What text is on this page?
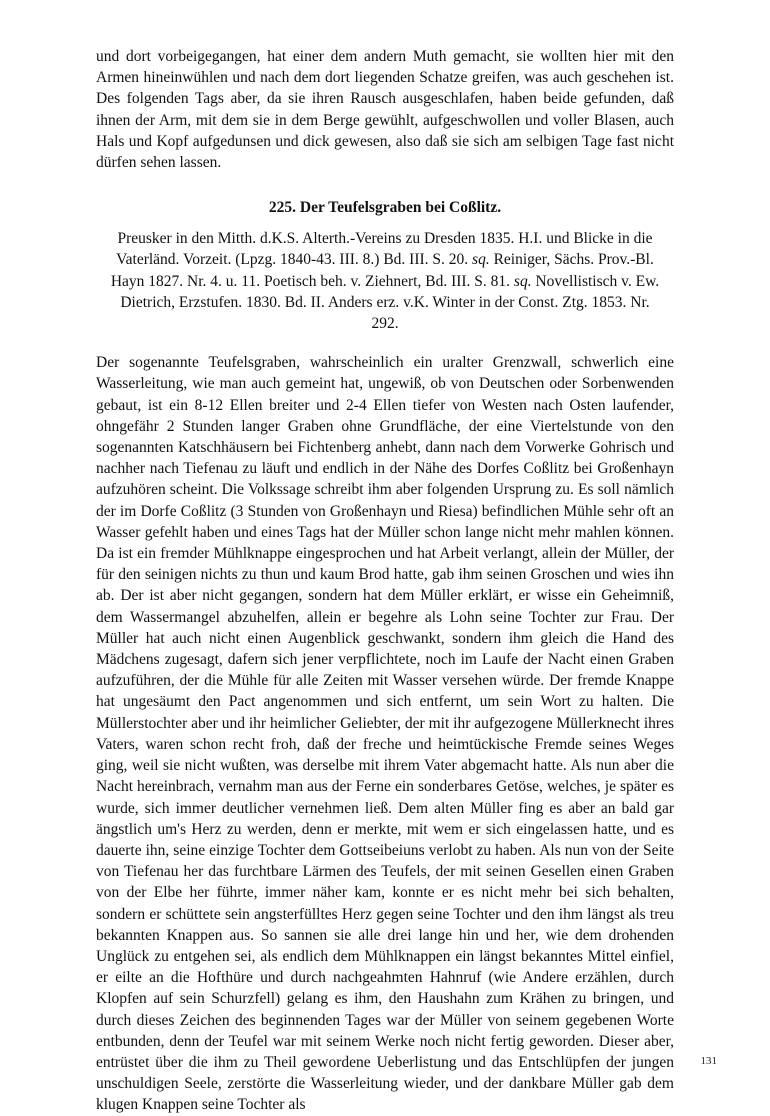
und dort vorbeigegangen, hat einer dem andern Muth gemacht, sie wollten hier mit den Armen hineinwühlen und nach dem dort liegenden Schatze greifen, was auch geschehen ist. Des folgenden Tags aber, da sie ihren Rausch ausgeschlafen, haben beide gefunden, daß ihnen der Arm, mit dem sie in dem Berge gewühlt, aufgeschwollen und voller Blasen, auch Hals und Kopf aufgedunsen und dick gewesen, also daß sie sich am selbigen Tage fast nicht dürfen sehen lassen.

225. Der Teufelsgraben bei Coßlitz.

Preusker in den Mitth. d.K.S. Alterth.-Vereins zu Dresden 1835. H.I. und Blicke in die Vaterländ. Vorzeit. (Lpzg. 1840-43. III. 8.) Bd. III. S. 20. sq. Reiniger, Sächs. Prov.-Bl. Hayn 1827. Nr. 4. u. 11. Poetisch beh. v. Ziehnert, Bd. III. S. 81. sq. Novellistisch v. Ew. Dietrich, Erzstufen. 1830. Bd. II. Anders erz. v.K. Winter in der Const. Ztg. 1853. Nr. 292.

Der sogenannte Teufelsgraben, wahrscheinlich ein uralter Grenzwall, schwerlich eine Wasserleitung, wie man auch gemeint hat, ungewiß, ob von Deutschen oder Sorbenwenden gebaut, ist ein 8-12 Ellen breiter und 2-4 Ellen tiefer von Westen nach Osten laufender, ohngefähr 2 Stunden langer Graben ohne Grundfläche, der eine Viertelstunde von den sogenannten Katschhäusern bei Fichtenberg anhebt, dann nach dem Vorwerke Gohrisch und nachher nach Tiefenau zu läuft und endlich in der Nähe des Dorfes Coßlitz bei Großenhayn aufzuhören scheint. Die Volkssage schreibt ihm aber folgenden Ursprung zu. Es soll nämlich der im Dorfe Coßlitz (3 Stunden von Großenhayn und Riesa) befindlichen Mühle sehr oft an Wasser gefehlt haben und eines Tags hat der Müller schon lange nicht mehr mahlen können. Da ist ein fremder Mühlknappe eingesprochen und hat Arbeit verlangt, allein der Müller, der für den seinigen nichts zu thun und kaum Brod hatte, gab ihm seinen Groschen und wies ihn ab. Der ist aber nicht gegangen, sondern hat dem Müller erklärt, er wisse ein Geheimniß, dem Wassermangel abzuhelfen, allein er begehre als Lohn seine Tochter zur Frau. Der Müller hat auch nicht einen Augenblick geschwankt, sondern ihm gleich die Hand des Mädchens zugesagt, dafern sich jener verpflichtete, noch im Laufe der Nacht einen Graben aufzuführen, der die Mühle für alle Zeiten mit Wasser versehen würde. Der fremde Knappe hat ungesäumt den Pact angenommen und sich entfernt, um sein Wort zu halten. Die Müllerstochter aber und ihr heimlicher Geliebter, der mit ihr aufgezogene Müllerknecht ihres Vaters, waren schon recht froh, daß der freche und heimtückische Fremde seines Weges ging, weil sie nicht wußten, was derselbe mit ihrem Vater abgemacht hatte. Als nun aber die Nacht hereinbrach, vernahm man aus der Ferne ein sonderbares Getöse, welches, je später es wurde, sich immer deutlicher vernehmen ließ. Dem alten Müller fing es aber an bald gar ängstlich um's Herz zu werden, denn er merkte, mit wem er sich eingelassen hatte, und es dauerte ihn, seine einzige Tochter dem Gottseibeiuns verlobt zu haben. Als nun von der Seite von Tiefenau her das furchtbare Lärmen des Teufels, der mit seinen Gesellen einen Graben von der Elbe her führte, immer näher kam, konnte er es nicht mehr bei sich behalten, sondern er schüttete sein angsterfülltes Herz gegen seine Tochter und den ihm längst als treu bekannten Knappen aus. So sannen sie alle drei lange hin und her, wie dem drohenden Unglück zu entgehen sei, als endlich dem Mühlknappen ein längst bekanntes Mittel einfiel, er eilte an die Hofthüre und durch nachgeahmten Hahnruf (wie Andere erzählen, durch Klopfen auf sein Schurzfell) gelang es ihm, den Haushahn zum Krähen zu bringen, und durch dieses Zeichen des beginnenden Tages war der Müller von seinem gegebenen Worte entbunden, denn der Teufel war mit seinem Werke noch nicht fertig geworden. Dieser aber, entrüstet über die ihm zu Theil gewordene Ueberlistung und das Entschlüpfen der jungen unschuldigen Seele, zerstörte die Wasserleitung wieder, und der dankbare Müller gab dem klugen Knappen seine Tochter als

131
